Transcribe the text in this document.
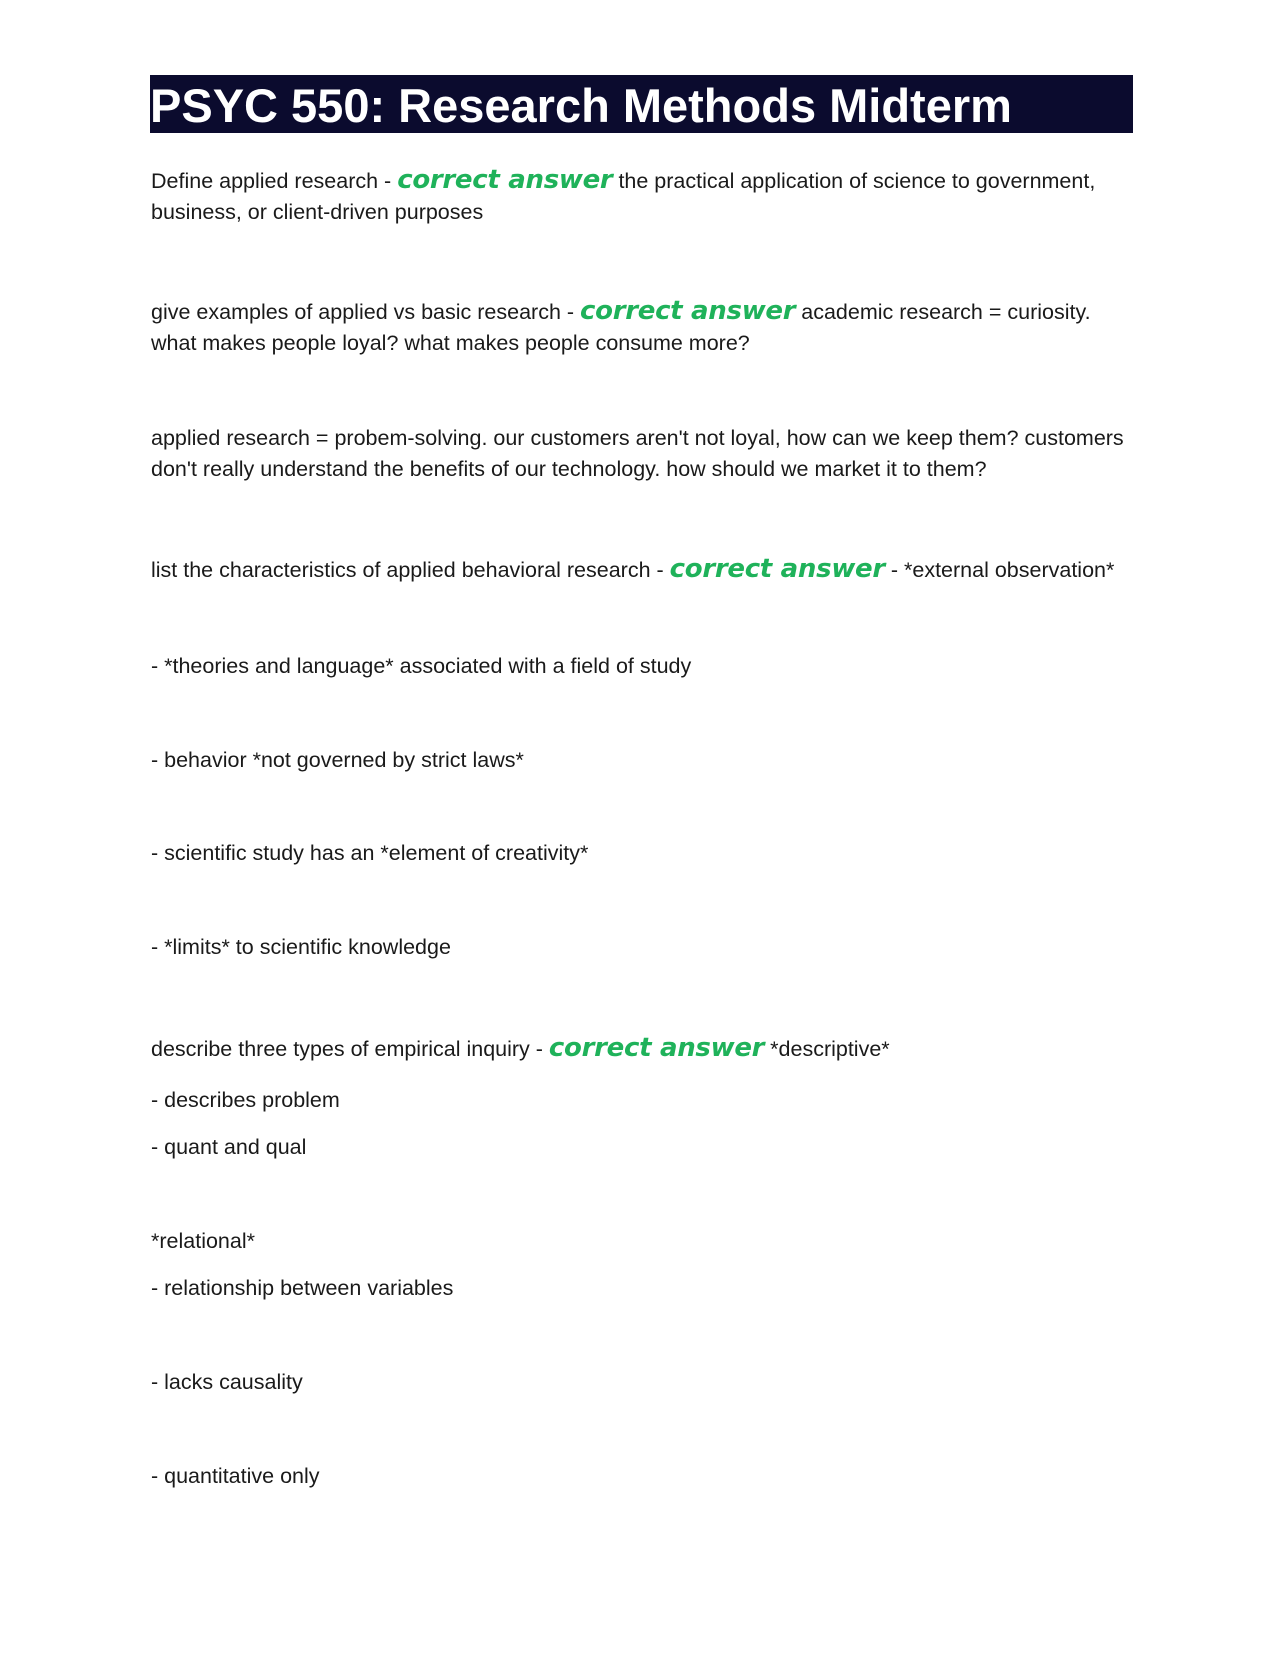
PSYC 550: Research Methods Midterm
Define applied research - correct answer the practical application of science to government, business, or client-driven purposes
give examples of applied vs basic research - correct answer academic research = curiosity. what makes people loyal? what makes people consume more?
applied research = probem-solving. our customers aren't not loyal, how can we keep them? customers don't really understand the benefits of our technology. how should we market it to them?
list the characteristics of applied behavioral research - correct answer - *external observation*
- *theories and language* associated with a field of study
- behavior *not governed by strict laws*
- scientific study has an *element of creativity*
- *limits* to scientific knowledge
describe three types of empirical inquiry - correct answer *descriptive*
- describes problem
- quant and qual
*relational*
- relationship between variables
- lacks causality
- quantitative only
